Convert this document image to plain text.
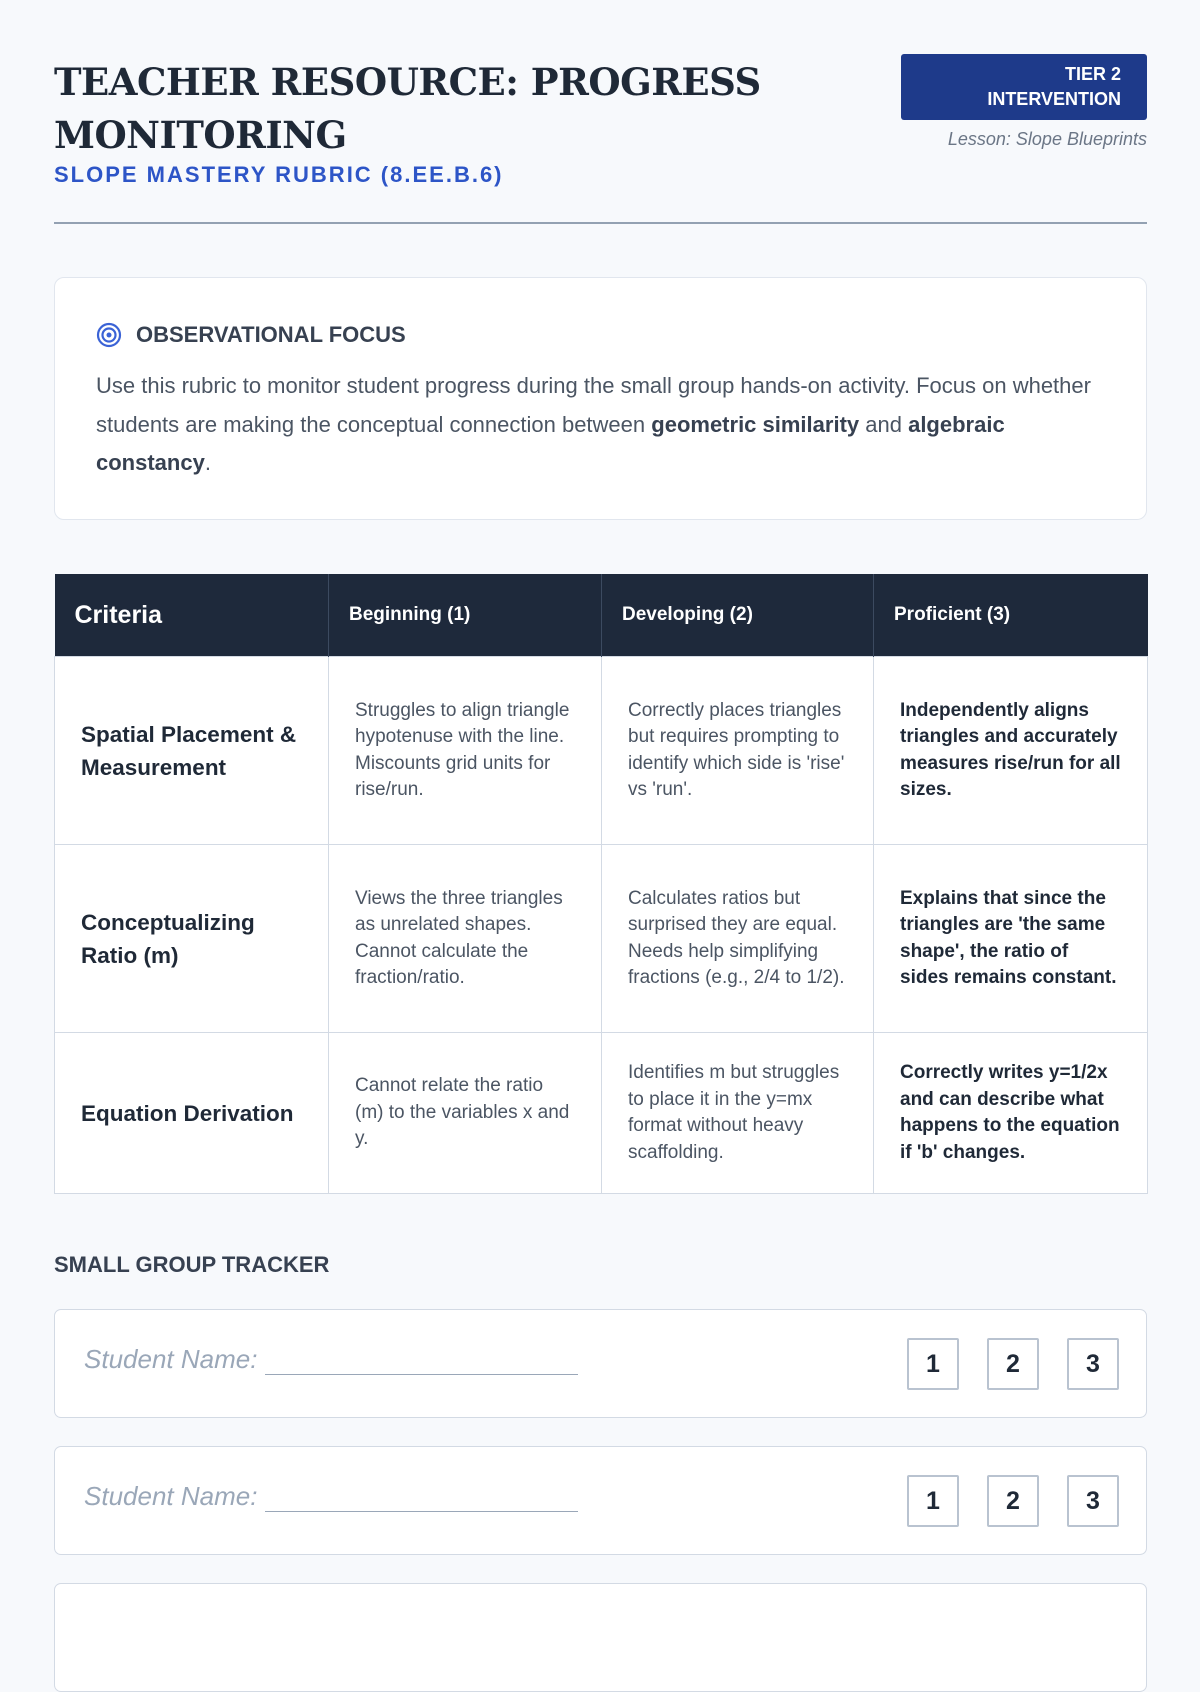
TEACHER RESOURCE: PROGRESS MONITORING
SLOPE MASTERY RUBRIC (8.EE.B.6)
TIER 2
INTERVENTION
Lesson: Slope Blueprints
OBSERVATIONAL FOCUS

Use this rubric to monitor student progress during the small group hands-on activity. Focus on whether students are making the conceptual connection between geometric similarity and algebraic constancy.

Criteria	Beginning (1)	Developing (2)	Proficient (3)
Spatial Placement & Measurement	Struggles to align triangle hypotenuse with the line. Miscounts grid units for rise/run.	Correctly places triangles but requires prompting to identify which side is 'rise' vs 'run'.	Independently aligns triangles and accurately measures rise/run for all sizes.
Conceptualizing Ratio (m)	Views the three triangles as unrelated shapes. Cannot calculate the fraction/ratio.	Calculates ratios but surprised they are equal. Needs help simplifying fractions (e.g., 2/4 to 1/2).	Explains that since the triangles are 'the same shape', the ratio of sides remains constant.
Equation Derivation	Cannot relate the ratio (m) to the variables x and y.	Identifies m but struggles to place it in the y=mx format without heavy scaffolding.	Correctly writes y=1/2x and can describe what happens to the equation if 'b' changes.
SMALL GROUP TRACKER
Student Name:	1	2	3
Student Name:	1	2	3
